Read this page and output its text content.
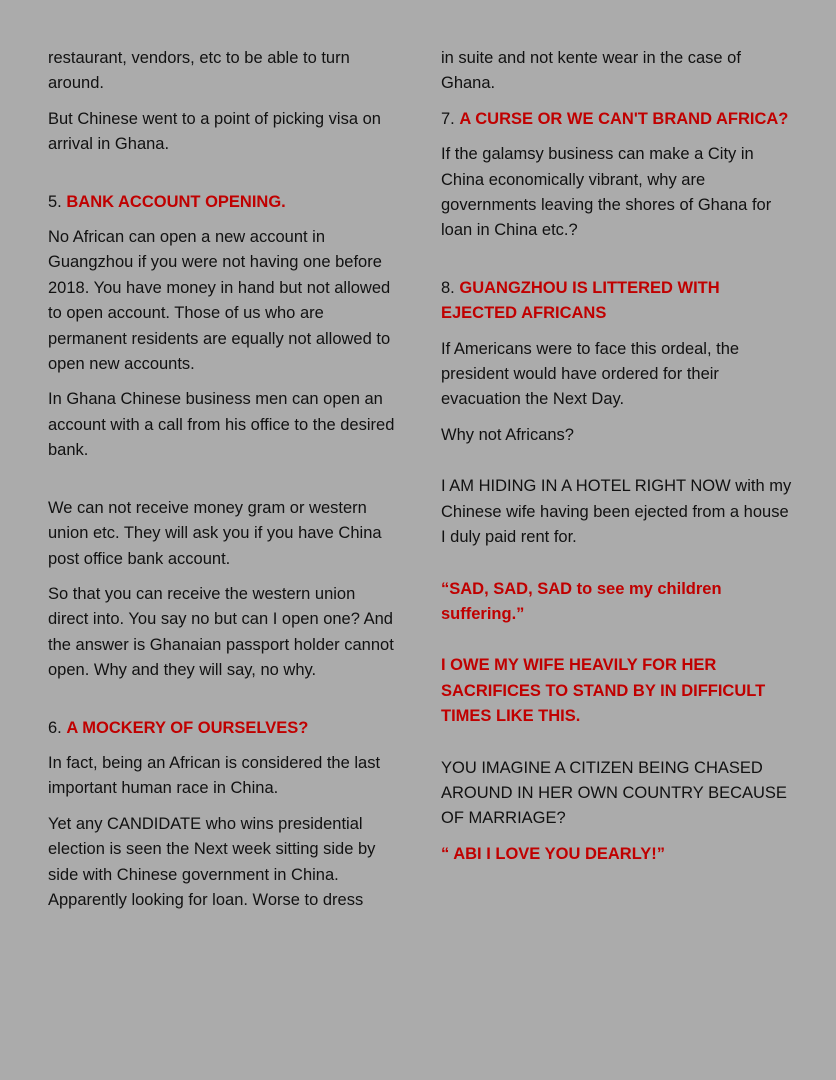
restaurant, vendors, etc to be able to turn around.

But Chinese went to a point of picking visa on arrival in Ghana.

5. BANK ACCOUNT OPENING.

No African can open a new account in Guangzhou if you were not having one before 2018. You have money in hand but not allowed to open account. Those of us who are permanent residents are equally not allowed to open new accounts.

In Ghana Chinese business men can open an account with a call from his office to the desired bank.

We can not receive money gram or western union etc. They will ask you if you have China post office bank account.

So that you can receive the western union direct into. You say no but can I open one? And the answer is Ghanaian passport holder cannot open. Why and they will say, no why.

6. A MOCKERY OF OURSELVES?

In fact, being an African is considered the last important human race in China.

Yet any CANDIDATE who wins presidential election is seen the Next week sitting side by side with Chinese government in China. Apparently looking for loan. Worse to dress

in suite and not kente wear in the case of Ghana.

7. A CURSE OR WE CAN'T BRAND AFRICA?

If the galamsy business can make a City in China economically vibrant, why are governments leaving the shores of Ghana for loan in China etc.?

8. GUANGZHOU IS LITTERED WITH EJECTED AFRICANS

If Americans were to face this ordeal, the president would have ordered for their evacuation the Next Day.

Why not Africans?

I AM HIDING IN A HOTEL RIGHT NOW with my Chinese wife having been ejected from a house I duly paid rent for.

“SAD, SAD, SAD to see my children suffering.”

I OWE MY WIFE HEAVILY FOR HER SACRIFICES TO STAND BY IN DIFFICULT TIMES LIKE THIS.

YOU IMAGINE A CITIZEN BEING CHASED AROUND IN HER OWN COUNTRY BECAUSE OF MARRIAGE?

“ ABI I LOVE YOU DEARLY!”
